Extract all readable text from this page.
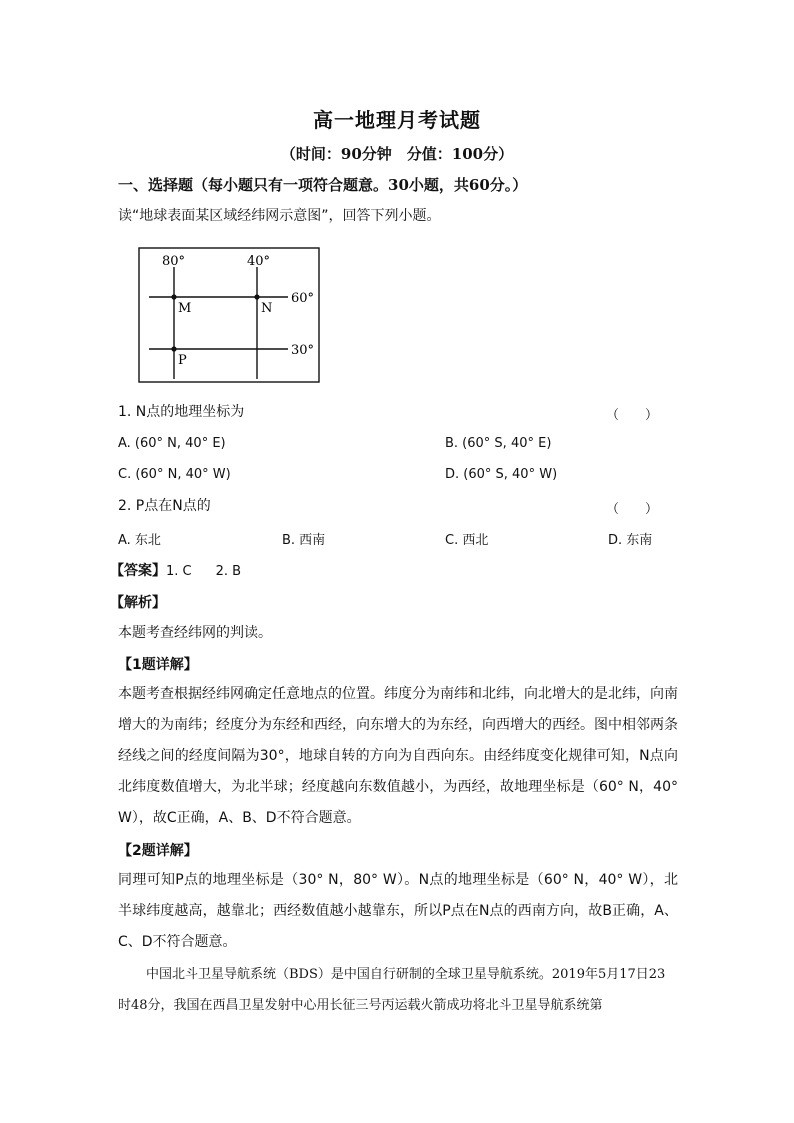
高一地理月考试题
（时间：90分钟　分值：100分）
一、选择题（每小题只有一项符合题意。30小题，共60分。）
读“地球表面某区域经纬网示意图”，回答下列小题。
80°	40°
60°
30°
M	N
P
1. N点的地理坐标为	（　　）
A. (60° N, 40° E)	B. (60° S, 40° E)
C. (60° N, 40° W)	D. (60° S, 40° W)
2. P点在N点的	（　　）
A. 东北	B. 西南	C. 西北	D. 东南
【答案】1. C 2. B
【解析】
本题考查经纬网的判读。
【1题详解】
本题考查根据经纬网确定任意地点的位置。纬度分为南纬和北纬，向北增大的是北纬，向南增大的为南纬；经度分为东经和西经，向东增大的为东经，向西增大的西经。图中相邻两条经线之间的经度间隔为30°，地球自转的方向为自西向东。由经纬度变化规律可知，N点向北纬度数值增大，为北半球；经度越向东数值越小，为西经，故地理坐标是（60° N，40° W），故C正确，A、B、D不符合题意。
【2题详解】
同理可知P点的地理坐标是（30° N，80° W）。N点的地理坐标是（60° N，40° W），北半球纬度越高，越靠北；西经数值越小越靠东，所以P点在N点的西南方向，故B正确，A、C、D不符合题意。
中国北斗卫星导航系统（BDS）是中国自行研制的全球卫星导航系统。2019年5月17日23时48分，我国在西昌卫星发射中心用长征三号丙运载火箭成功将北斗卫星导航系统第
